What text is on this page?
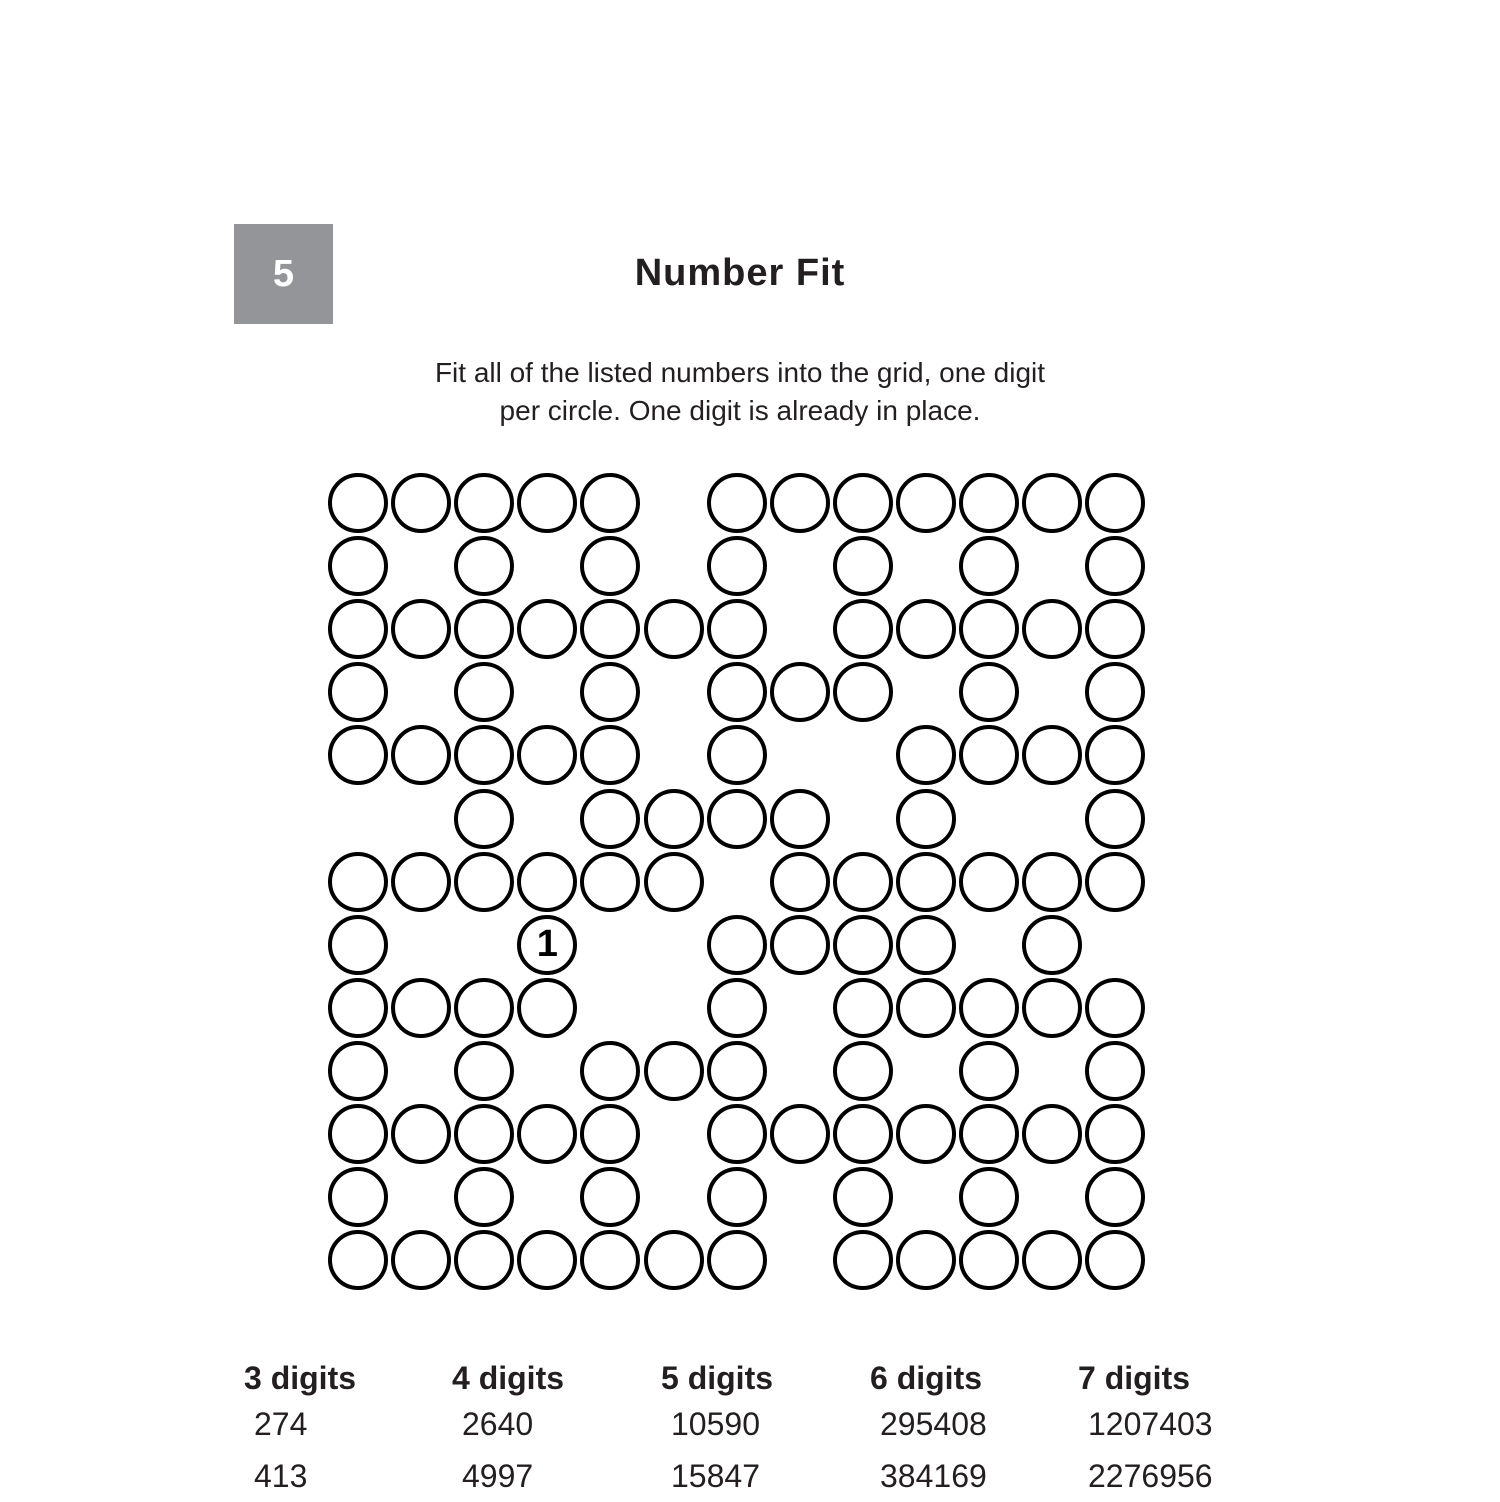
5	Number Fit
Fit all of the listed numbers into the grid, one digit
per circle. One digit is already in place.
1
3 digits
274
413
4 digits
2640
4997
5 digits
10590
15847
6 digits
295408
384169
7 digits
1207403
2276956
